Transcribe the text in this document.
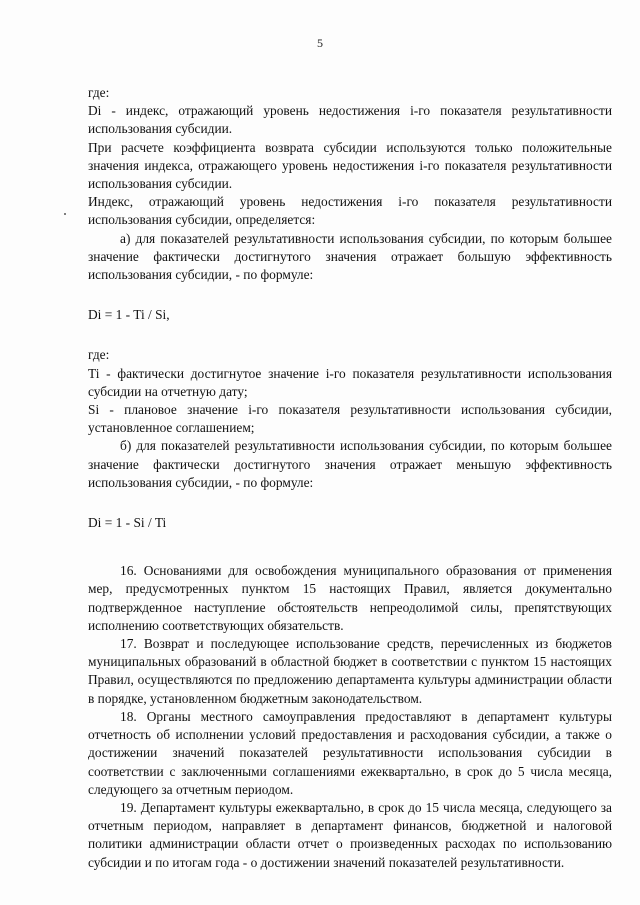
5

где:

Di - индекс, отражающий уровень недостижения i-го показателя результативности использования субсидии.

При расчете коэффициента возврата субсидии используются только положительные значения индекса, отражающего уровень недостижения i-го показателя результативности использования субсидии.

Индекс, отражающий уровень недостижения i-го показателя результативности использования субсидии, определяется:

а) для показателей результативности использования субсидии, по которым большее значение фактически достигнутого значения отражает большую эффективность использования субсидии, - по формуле:

Di = 1 - Ti / Si,

где:

Ti - фактически достигнутое значение i-го показателя результативности использования субсидии на отчетную дату;

Si - плановое значение i-го показателя результативности использования субсидии, установленное соглашением;

б) для показателей результативности использования субсидии, по которым большее значение фактически достигнутого значения отражает меньшую эффективность использования субсидии, - по формуле:

Di = 1 - Si / Ti

16. Основаниями для освобождения муниципального образования от применения мер, предусмотренных пунктом 15 настоящих Правил, является документально подтвержденное наступление обстоятельств непреодолимой силы, препятствующих исполнению соответствующих обязательств.

17. Возврат и последующее использование средств, перечисленных из бюджетов муниципальных образований в областной бюджет в соответствии с пунктом 15 настоящих Правил, осуществляются по предложению департамента культуры администрации области в порядке, установленном бюджетным законодательством.

18. Органы местного самоуправления предоставляют в департамент культуры отчетность об исполнении условий предоставления и расходования субсидии, а также о достижении значений показателей результативности использования субсидии в соответствии с заключенными соглашениями ежеквартально, в срок до 5 числа месяца, следующего за отчетным периодом.

19. Департамент культуры ежеквартально, в срок до 15 числа месяца, следующего за отчетным периодом, направляет в департамент финансов, бюджетной и налоговой политики администрации области отчет о произведенных расходах по использованию субсидии и по итогам года - о достижении значений показателей результативности.
